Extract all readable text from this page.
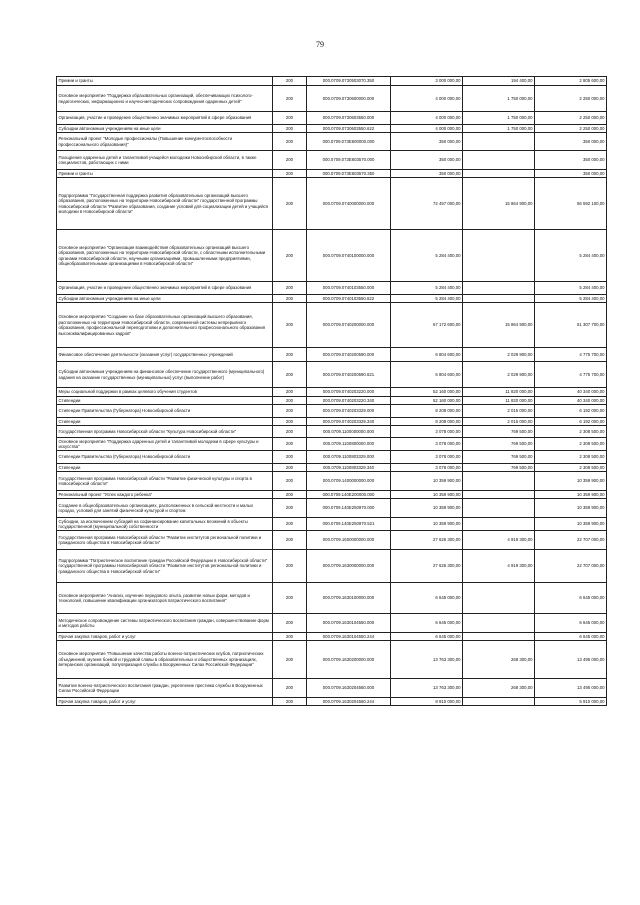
79
Премии и гранты	200	000.0709.0730503070.350	3 000 000,00	194 400,00	2 805 600,00
Основное мероприятие "Поддержка образовательных организаций, обеспечивающих психолого-педагогических, информационно и научно-методических сопровождения одаренных детей"	200	000.0709.0730600000.000	4 000 000,00	1 750 000,00	2 250 000,00
Организация, участие и проведение общественно значимых мероприятий в сфере образования	200	000.0709.0730603550.000	4 000 000,00	1 750 000,00	2 250 000,00
Субсидии автономным учреждениям на иные цели	200	000.0709.0730603550.622	4 000 000,00	1 750 000,00	2 250 000,00
Региональный проект "Молодые профессионалы (Повышение конкурентоспособности профессионального образования)"	200	000.0709.073Е600000.000	350 000,00		350 000,00
Поощрение одаренных детей и талантливой учащейся молодежи Новосибирской области, в также специалистов, работающих с ними	200	000.0709.073Е603570.000	350 000,00		350 000,00
Премии и гранты	200	000.0709.073Е603570.350	350 000,00		350 000,00
Подпрограмма "Государственная поддержка развития образовательных организаций высшего образования, расположенных на территории Новосибирской области" государственной программы Новосибирской области "Развитие образования, создание условий для социализации детей и учащейся молодежи в Новосибирской области"	200	000.0709.0740000000.000	72 457 000,00	15 864 900,00	56 592 100,00
Основное мероприятие "Организация взаимодействия образовательных организаций высшего образования, расположенных на территории Новосибирской области, с областными исполнительными органами Новосибирской области, научными организациями, промышленными предприятиями, общеобразовательными организациями в Новосибирской области"	200	000.0709.0740100000.000	5 284 400,00		5 284 400,00
Организация, участие и проведение общественно значимых мероприятий в сфере образования	200	000.0709.0740103550.000	5 284 400,00		5 284 400,00
Субсидии автономным учреждениям на иные цели	200	000.0709.0740103550.622	5 284 400,00		5 284 400,00
Основное мероприятие "Создание на базе образовательных организаций высшего образования, расположенных на территории Новосибирской области, современной системы непрерывного образования, профессиональной переподготовки и дополнительного профессионального образования высококвалифицированных кадров"	200	000.0709.0740200000.000	67 172 600,00	15 864 900,00	51 307 700,00
Финансовое обеспечение деятельности (оказания услуг) государственных учреждений	200	000.0709.0740200590.000	6 804 600,00	2 029 900,00	4 775 700,00
Субсидии автономным учреждениям на финансовое обеспечение государственного (муниципального) задания на оказание государственных (муниципальных) услуг (выполнение работ)	200	000.0709.0740200590.621	6 804 600,00	2 029 900,00	4 775 700,00
Меры социальной поддержки в рамках целевого обучения студентов	200	000.0709.0740203220.000	52 160 000,00	11 820 000,00	40 340 000,00
Стипендии	200	000.0709.0740203220.340	52 160 000,00	11 820 000,00	40 340 000,00
Стипендии Правительства (Губернатора) Новосибирской области	200	000.0709.0740203329.000	8 208 000,00	2 015 000,00	6 192 000,00
Стипендии	200	000.0709.0740203329.340	8 208 000,00	2 015 000,00	6 192 000,00
Государственная программа Новосибирской области "Культура Новосибирской области"	200	000.0709.1100000000.000	3 078 000,00	769 500,00	2 308 500,00
Основное мероприятие "Поддержка одаренных детей и талантливой молодежи в сфере культуры и искусства"	200	000.0709.1100800000.000	3 078 000,00	769 500,00	2 308 500,00
Стипендии Правительства (Губернатора) Новосибирской области	200	000.0709.1100803329.000	3 078 000,00	769 500,00	2 308 500,00
Стипендии	200	000.0709.1100803329.340	3 078 000,00	769 500,00	2 308 500,00
Государственная программа Новосибирской области "Развитие физической культуры и спорта в Новосибирской области"	200	000.0709.1400000000.000	10 359 900,00		10 359 900,00
Региональный проект "Успех каждого ребенка"	200	000.0709.140Е200000.000	10 359 900,00		10 359 900,00
Создание в общеобразовательных организациях, расположенных в сельской местности и малых городах, условий для занятий физической культурой и спортом	200	000.0709.140Е250970.000	10 359 900,00		10 359 900,00
Субсидии, за исключением субсидий на софинансирование капитальных вложений в объекты государственной (муниципальной) собственности	200	000.0709.140Е250970.521	10 359 900,00		10 359 900,00
Государственная программа Новосибирской области "Развитие институтов региональной политики и гражданского общества в Новосибирской области"	200	000.0709.1600000000.000	27 626 300,00	4 919 300,00	22 707 000,00
Подпрограмма "Патриотическое воспитание граждан Российской Федерации в Новосибирской области" государственной программы Новосибирской области "Развитие институтов региональной политики и гражданского общества в Новосибирской области"	200	000.0709.1630000000.000	27 626 300,00	4 919 300,00	22 707 000,00
Основное мероприятие "Анализ, изучение передового опыта, развитие новых форм, методов и технологий, повышение квалификации организаторов патриотического воспитания"	200	000.0709.1630100000.000	6 645 000,00		6 645 000,00
Методическое сопровождение системы патриотического воспитания граждан, совершенствование форм и методов работы	200	000.0709.1630104550.000	6 645 000,00		6 645 000,00
Прочая закупка товаров, работ и услуг	200	000.0709.1630104550.244	6 645 000,00		6 645 000,00
Основное мероприятие "Повышение качества работы военно-патриотических клубов, патриотических объединений, музеев боевой и трудовой славы в образовательных и общественных организациях, ветеранских организаций, популяризация службы в Вооруженных Силах Российской Федерации"	200	000.0709.1630200000.000	13 763 300,00	268 300,00	13 495 000,00
Развитие военно-патриотического воспитания граждан, укрепление престижа службы в Вооруженных Силах Российской Федерации	200	000.0709.1630204560.000	13 763 300,00	268 300,00	13 495 000,00
Прочая закупка товаров, работ и услуг	200	000.0709.1630204560.244	8 910 000,00		5 910 000,00
